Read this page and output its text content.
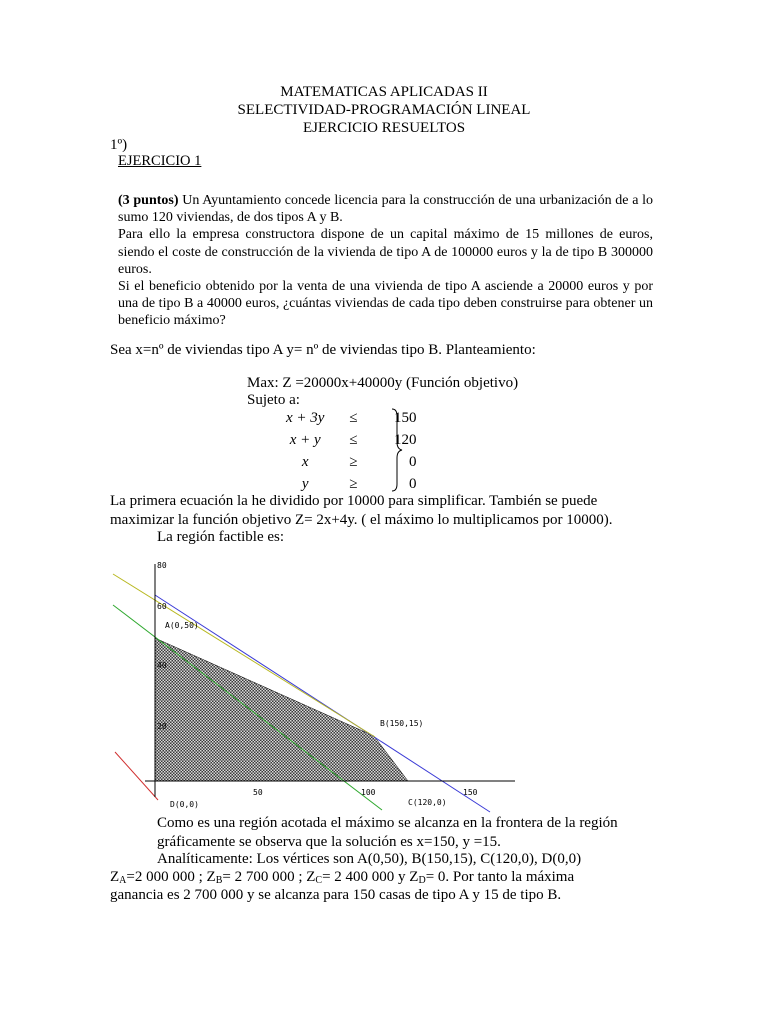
MATEMATICAS APLICADAS II
SELECTIVIDAD-PROGRAMACIÓN LINEAL
EJERCICIO RESUELTOS
1º)
EJERCICIO 1
(3 puntos) Un Ayuntamiento concede licencia para la construcción de una urbanización de a lo sumo 120 viviendas, de dos tipos A y B.
Para ello la empresa constructora dispone de un capital máximo de 15 millones de euros, siendo el coste de construcción de la vivienda de tipo A de 100000 euros y la de tipo B 300000 euros.
Si el beneficio obtenido por la venta de una vivienda de tipo A asciende a 20000 euros y por una de tipo B a 40000 euros, ¿cuántas viviendas de cada tipo deben construirse para obtener un beneficio máximo?
Sea x=nº de viviendas tipo A y= nº de viviendas tipo B. Planteamiento:
Max: Z =20000x+40000y (Función objetivo)
Sujeto a:
x + 3y	≤	150
x + y	≤	120
x	≥	0
y	≥	0
La primera ecuación la he dividido por 10000 para simplificar. También se puede maximizar la función objetivo Z= 2x+4y. ( el máximo lo multiplicamos por 10000).
La región factible es:
80
60
40
20
50	100	150
A(0,50)
B(150,15)
C(120,0)
D(0,0)
Como es una región acotada el máximo se alcanza en la frontera de la región gráficamente se observa que la solución es x=150, y =15.
Analíticamente: Los vértices son A(0,50), B(150,15), C(120,0), D(0,0)
$Z_A=2$ 000 000 ; $Z_B= 2$ 700 000 ; $Z_C= 2$ 400 000 y $Z_D= 0$. Por tanto la máxima
ganancia es 2 700 000 y se alcanza para 150 casas de tipo A y 15 de tipo B.
